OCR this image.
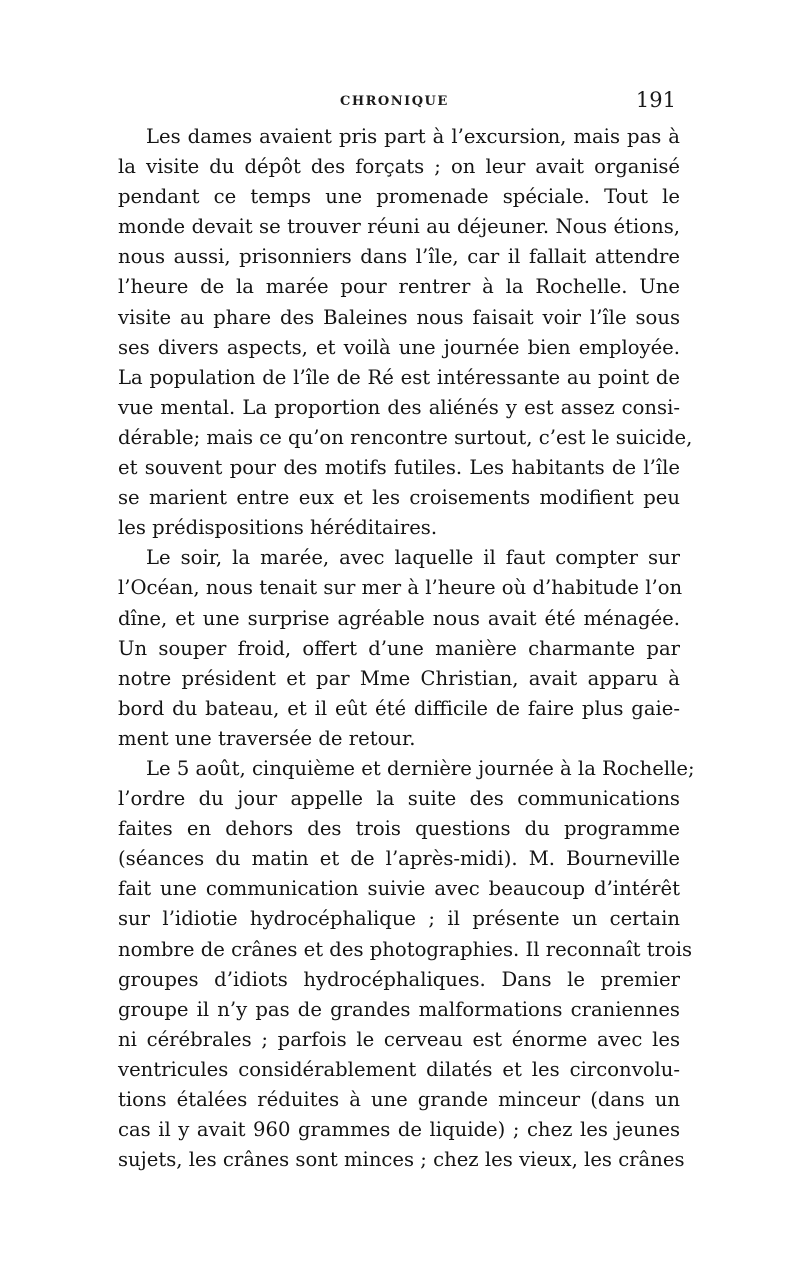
CHRONIQUE	191
Les dames avaient pris part à l’excursion, mais pas à
la visite du dépôt des forçats ; on leur avait organisé
pendant ce temps une promenade spéciale. Tout le
monde devait se trouver réuni au déjeuner. Nous étions,
nous aussi, prisonniers dans l’île, car il fallait attendre
l’heure de la marée pour rentrer à la Rochelle. Une
visite au phare des Baleines nous faisait voir l’île sous
ses divers aspects, et voilà une journée bien employée.
La population de l’île de Ré est intéressante au point de
vue mental. La proportion des aliénés y est assez consi-
dérable; mais ce qu’on rencontre surtout, c’est le suicide,
et souvent pour des motifs futiles. Les habitants de l’île
se marient entre eux et les croisements modifient peu
les prédispositions héréditaires.
Le soir, la marée, avec laquelle il faut compter sur
l’Océan, nous tenait sur mer à l’heure où d’habitude l’on
dîne, et une surprise agréable nous avait été ménagée.
Un souper froid, offert d’une manière charmante par
notre président et par Mme Christian, avait apparu à
bord du bateau, et il eût été difficile de faire plus gaie-
ment une traversée de retour.
Le 5 août, cinquième et dernière journée à la Rochelle;
l’ordre du jour appelle la suite des communications
faites en dehors des trois questions du programme
(séances du matin et de l’après-midi). M. Bourneville
fait une communication suivie avec beaucoup d’intérêt
sur l’idiotie hydrocéphalique ; il présente un certain
nombre de crânes et des photographies. Il reconnaît trois
groupes d’idiots hydrocéphaliques. Dans le premier
groupe il n’y pas de grandes malformations craniennes
ni cérébrales ; parfois le cerveau est énorme avec les
ventricules considérablement dilatés et les circonvolu-
tions étalées réduites à une grande minceur (dans un
cas il y avait 960 grammes de liquide) ; chez les jeunes
sujets, les crânes sont minces ; chez les vieux, les crânes
